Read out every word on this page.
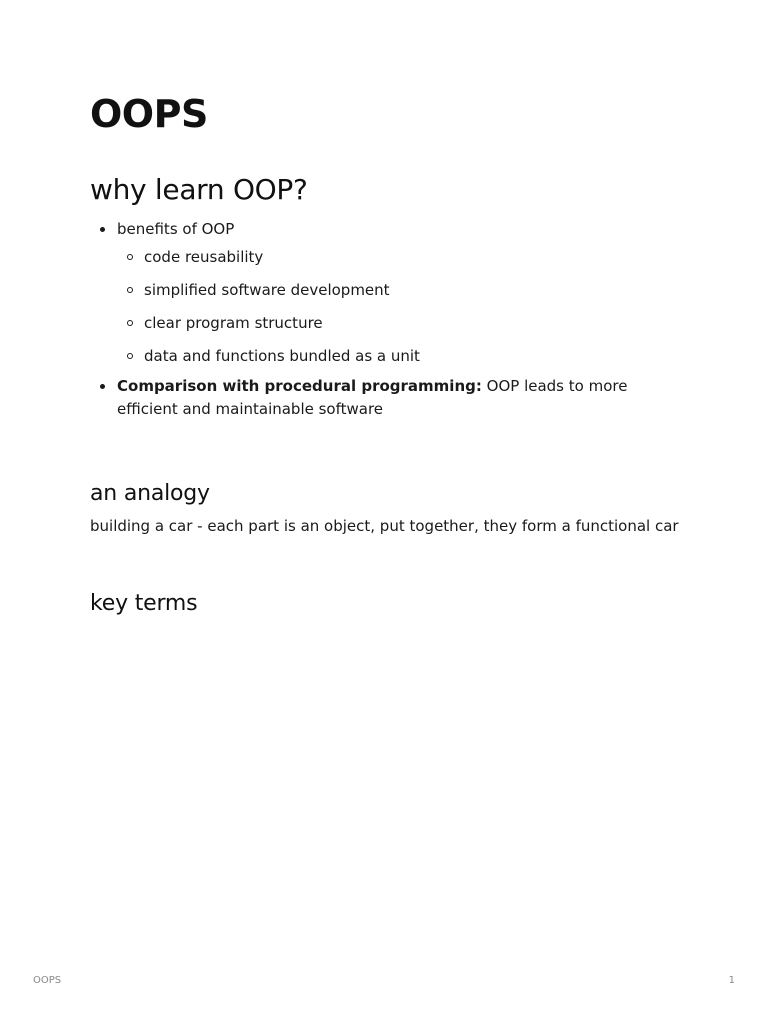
OOPS
why learn OOP?
benefits of OOP
code reusability
simplified software development
clear program structure
data and functions bundled as a unit
Comparison with procedural programming: OOP leads to more efficient and maintainable software
an analogy

building a car - each part is an object, put together, they form a functional car

key terms
OOPS	1
